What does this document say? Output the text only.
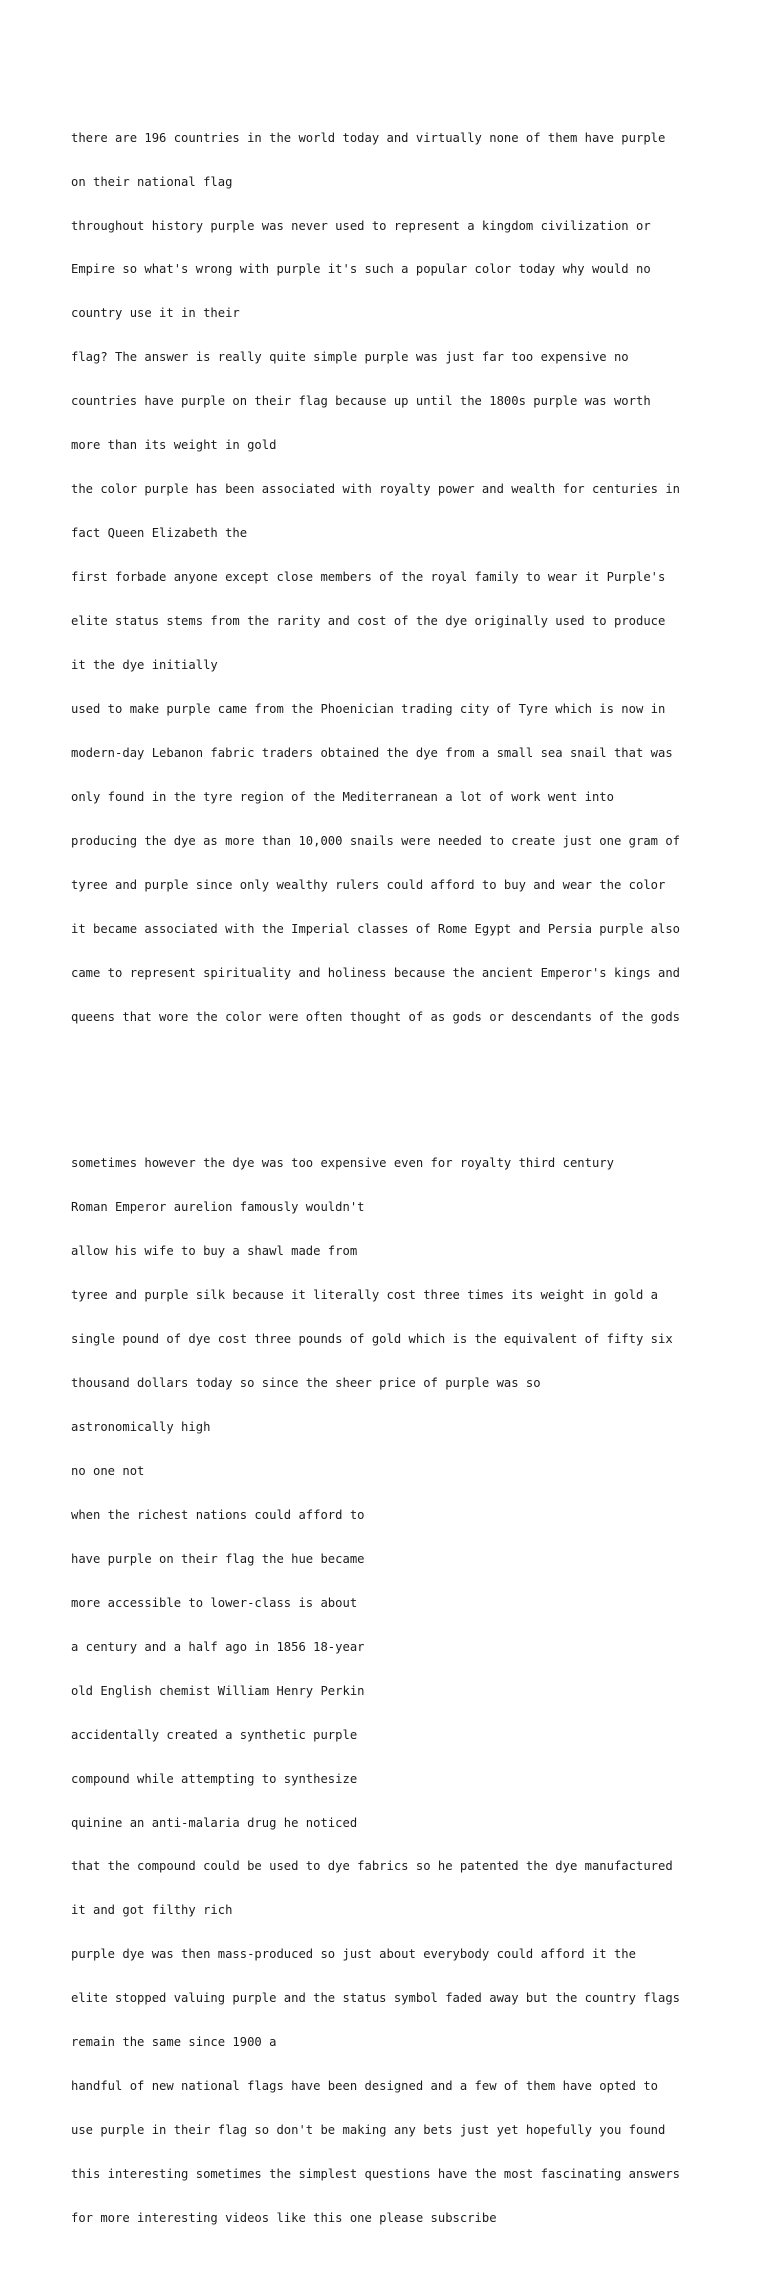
there are 196 countries in the world today and virtually none of them have purple

on their national flag

throughout history purple was never used to represent a kingdom civilization or

Empire so what's wrong with purple it's such a popular color today why would no

country use it in their

flag? The answer is really quite simple purple was just far too expensive no

countries have purple on their flag because up until the 1800s purple was worth

more than its weight in gold

the color purple has been associated with royalty power and wealth for centuries in

fact Queen Elizabeth the

first forbade anyone except close members of the royal family to wear it Purple's

elite status stems from the rarity and cost of the dye originally used to produce

it the dye initially

used to make purple came from the Phoenician trading city of Tyre which is now in

modern-day Lebanon fabric traders obtained the dye from a small sea snail that was

only found in the tyre region of the Mediterranean a lot of work went into

producing the dye as more than 10,000 snails were needed to create just one gram of

tyree and purple since only wealthy rulers could afford to buy and wear the color

it became associated with the Imperial classes of Rome Egypt and Persia purple also

came to represent spirituality and holiness because the ancient Emperor's kings and

queens that wore the color were often thought of as gods or descendants of the gods

sometimes however the dye was too expensive even for royalty third century

Roman Emperor aurelion famously wouldn't

allow his wife to buy a shawl made from

tyree and purple silk because it literally cost three times its weight in gold a

single pound of dye cost three pounds of gold which is the equivalent of fifty six

thousand dollars today so since the sheer price of purple was so

astronomically high

no one not

when the richest nations could afford to

have purple on their flag the hue became

more accessible to lower-class is about

a century and a half ago in 1856 18-year

old English chemist William Henry Perkin

accidentally created a synthetic purple

compound while attempting to synthesize

quinine an anti-malaria drug he noticed

that the compound could be used to dye fabrics so he patented the dye manufactured

it and got filthy rich

purple dye was then mass-produced so just about everybody could afford it the

elite stopped valuing purple and the status symbol faded away but the country flags

remain the same since 1900 a

handful of new national flags have been designed and a few of them have opted to

use purple in their flag so don't be making any bets just yet hopefully you found

this interesting sometimes the simplest questions have the most fascinating answers

for more interesting videos like this one please subscribe
